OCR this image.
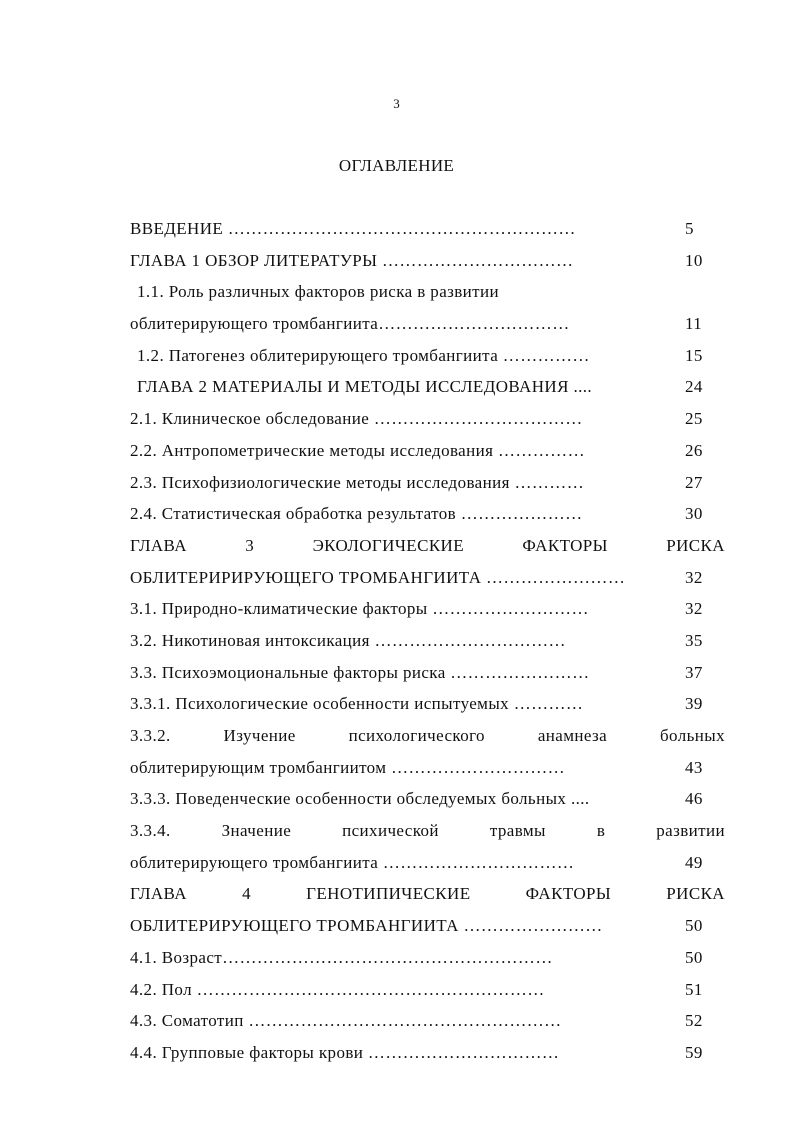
3
ОГЛАВЛЕНИЕ
ВВЕДЕНИЕ ……………………………………………………	5
ГЛАВА 1 ОБЗОР ЛИТЕРАТУРЫ ……………………………	10
1.1. Роль различных факторов риска в развитии
облитерирующего тромбангиита……………………………	11
1.2. Патогенез облитерирующего тромбангиита ……………	15
ГЛАВА 2 МАТЕРИАЛЫ И МЕТОДЫ ИССЛЕДОВАНИЯ ....	24
2.1. Клиническое обследование ………………………………	25
2.2. Антропометрические методы исследования ……………	26
2.3. Психофизиологические методы исследования …………	27
2.4. Статистическая обработка результатов …………………	30
ГЛАВА	3	ЭКОЛОГИЧЕСКИЕ	ФАКТОРЫ	РИСКА
ОБЛИТЕРИРИРУЮЩЕГО ТРОМБАНГИИТА ……………………	32
3.1. Природно-климатические факторы ………………………	32
3.2. Никотиновая интоксикация ……………………………	35
3.3. Психоэмоциональные факторы риска ……………………	37
3.3.1. Психологические особенности испытуемых …………	39
3.3.2.	Изучение	психологического	анамнеза	больных
облитерирующим тромбангиитом …………………………	43
3.3.3. Поведенческие особенности обследуемых больных ....	46
3.3.4.	Значение	психической	травмы	в	развитии
облитерирующего тромбангиита ……………………………	49
ГЛАВА	4	ГЕНОТИПИЧЕСКИЕ	ФАКТОРЫ	РИСКА
ОБЛИТЕРИРУЮЩЕГО ТРОМБАНГИИТА ……………………	50
4.1. Возраст…………………………………………………	50
4.2. Пол ……………………………………………………	51
4.3. Соматотип ………………………………………………	52
4.4. Групповые факторы крови ……………………………	59
